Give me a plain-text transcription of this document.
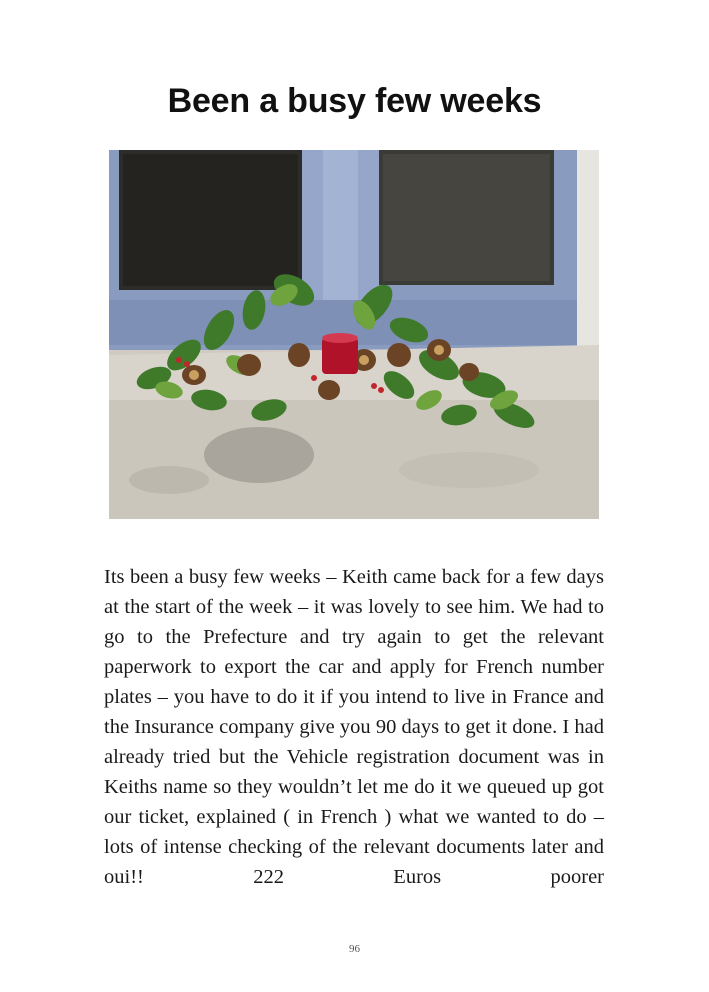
Been a busy few weeks

Its been a busy few weeks – Keith came back for a few days at the start of the week – it was lovely to see him. We had to go to the Prefecture and try again to get the relevant paperwork to export the car and apply for French number plates – you have to do it if you intend to live in France and the Insurance company give you 90 days to get it done. I had already tried but the Vehicle registration document was in Keiths name so they wouldn’t let me do it we queued up got our ticket, explained ( in French ) what we wanted to do – lots of intense checking of the relevant documents later and oui!! 222 Euros poorer

96
